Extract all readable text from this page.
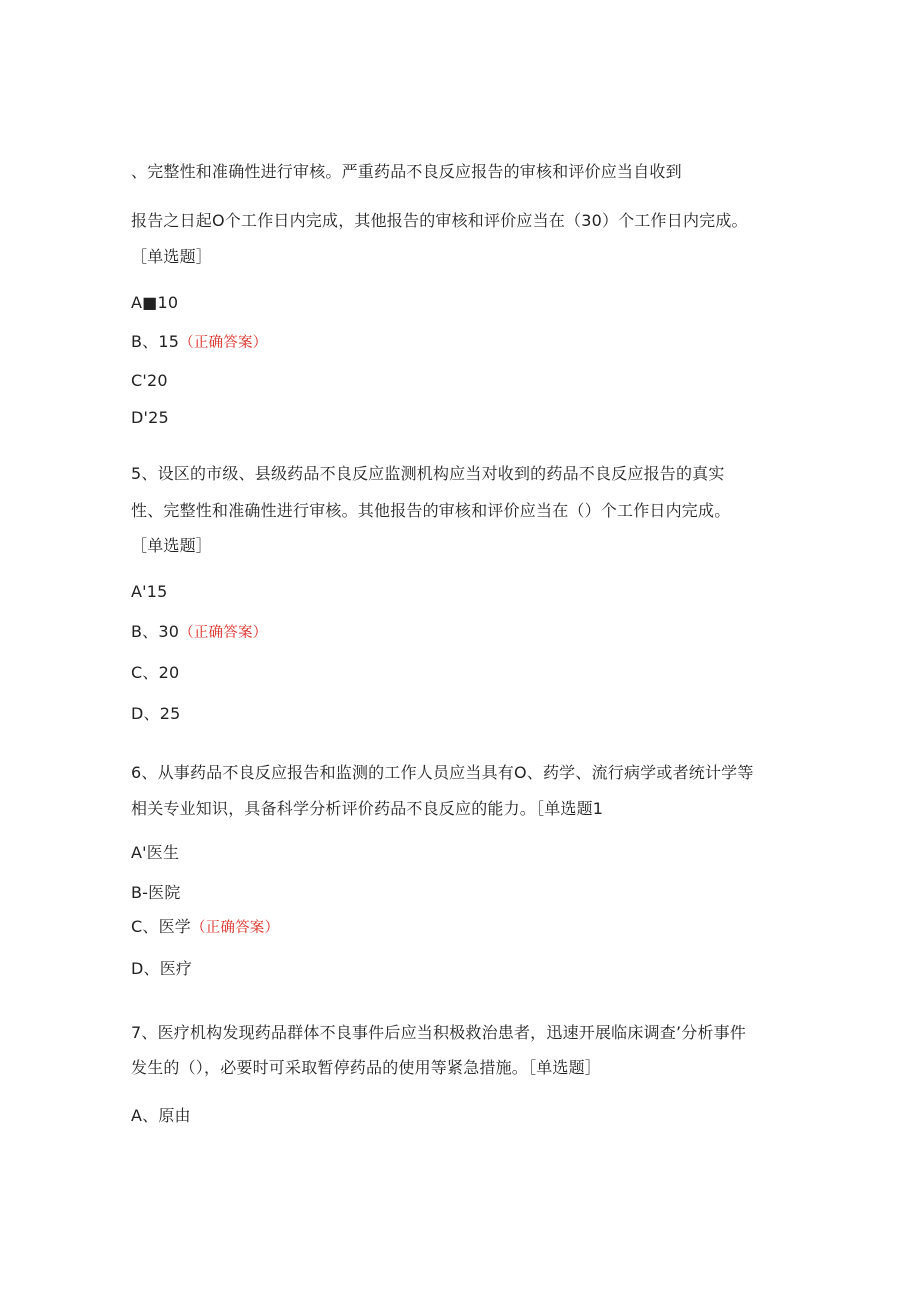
、完整性和准确性进行审核。严重药品不良反应报告的审核和评价应当自收到
报告之日起O个工作日内完成，其他报告的审核和评价应当在（30）个工作日内完成。
［单选题］
A■10
B、15（正确答案）
C'20
D'25
5、设区的市级、县级药品不良反应监测机构应当对收到的药品不良反应报告的真实
性、完整性和准确性进行审核。其他报告的审核和评价应当在（）个工作日内完成。
［单选题］
A'15
B、30（正确答案）
C、20
D、25
6、从事药品不良反应报告和监测的工作人员应当具有O、药学、流行病学或者统计学等
相关专业知识，具备科学分析评价药品不良反应的能力。［单选题1
A'医生
B-医院
C、医学（正确答案）
D、医疗
7、医疗机构发现药品群体不良事件后应当积极救治患者，迅速开展临床调查’分析事件
发生的（），必要时可采取暂停药品的使用等紧急措施。［单选题］
A、原由
